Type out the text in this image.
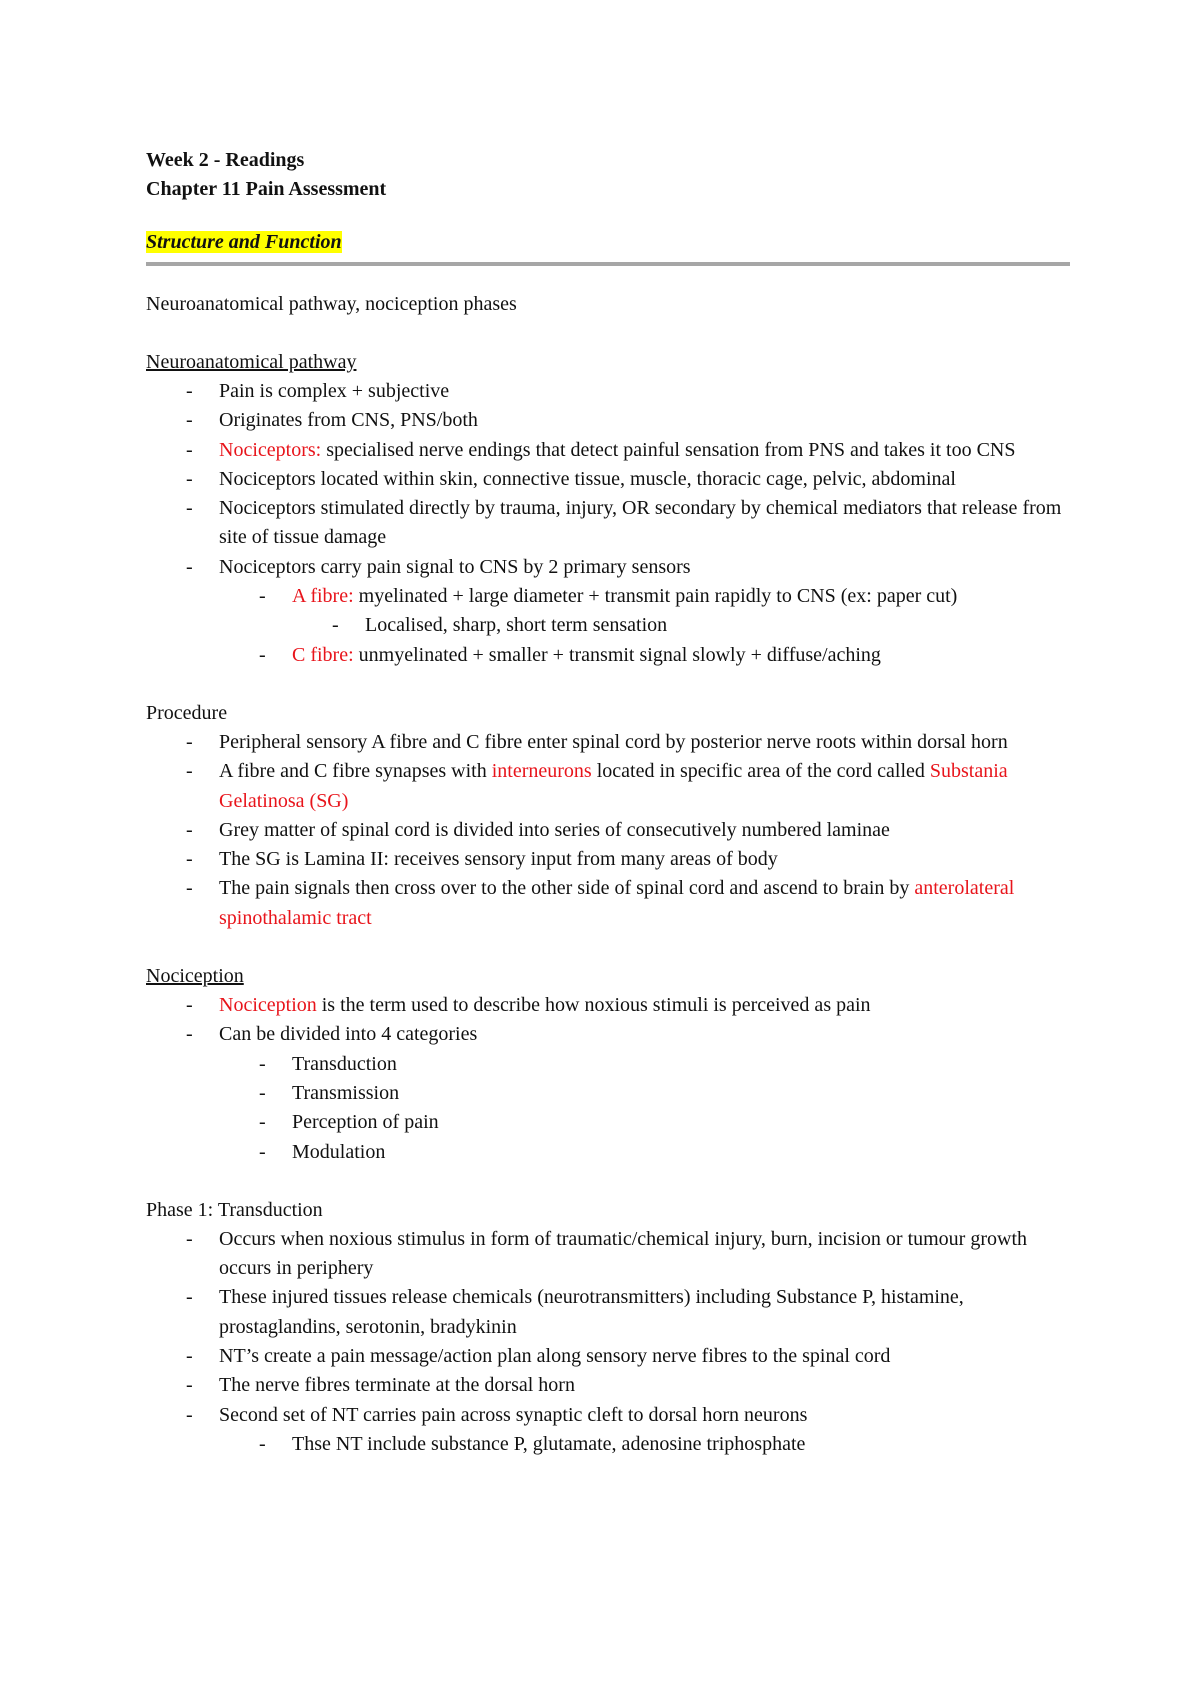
Week 2 - Readings

Chapter 11 Pain Assessment

Structure and Function

Neuroanatomical pathway, nociception phases

Neuroanatomical pathway

- Pain is complex + subjective
- Originates from CNS, PNS/both
- Nociceptors: specialised nerve endings that detect painful sensation from PNS and takes it too CNS
- Nociceptors located within skin, connective tissue, muscle, thoracic cage, pelvic, abdominal
- Nociceptors stimulated directly by trauma, injury, OR secondary by chemical mediators that release from site of tissue damage
- Nociceptors carry pain signal to CNS by 2 primary sensors
- A fibre: myelinated + large diameter + transmit pain rapidly to CNS (ex: paper cut)
- Localised, sharp, short term sensation
- C fibre: unmyelinated + smaller + transmit signal slowly + diffuse/aching

Procedure

- Peripheral sensory A fibre and C fibre enter spinal cord by posterior nerve roots within dorsal horn
- A fibre and C fibre synapses with interneurons located in specific area of the cord called Substania Gelatinosa (SG)
- Grey matter of spinal cord is divided into series of consecutively numbered laminae
- The SG is Lamina II: receives sensory input from many areas of body
- The pain signals then cross over to the other side of spinal cord and ascend to brain by anterolateral spinothalamic tract

Nociception

- Nociception is the term used to describe how noxious stimuli is perceived as pain
- Can be divided into 4 categories
- Transduction
- Transmission
- Perception of pain
- Modulation

Phase 1: Transduction

- Occurs when noxious stimulus in form of traumatic/chemical injury, burn, incision or tumour growth occurs in periphery
- These injured tissues release chemicals (neurotransmitters) including Substance P, histamine, prostaglandins, serotonin, bradykinin
- NT’s create a pain message/action plan along sensory nerve fibres to the spinal cord
- The nerve fibres terminate at the dorsal horn
- Second set of NT carries pain across synaptic cleft to dorsal horn neurons
- Thse NT include substance P, glutamate, adenosine triphosphate
